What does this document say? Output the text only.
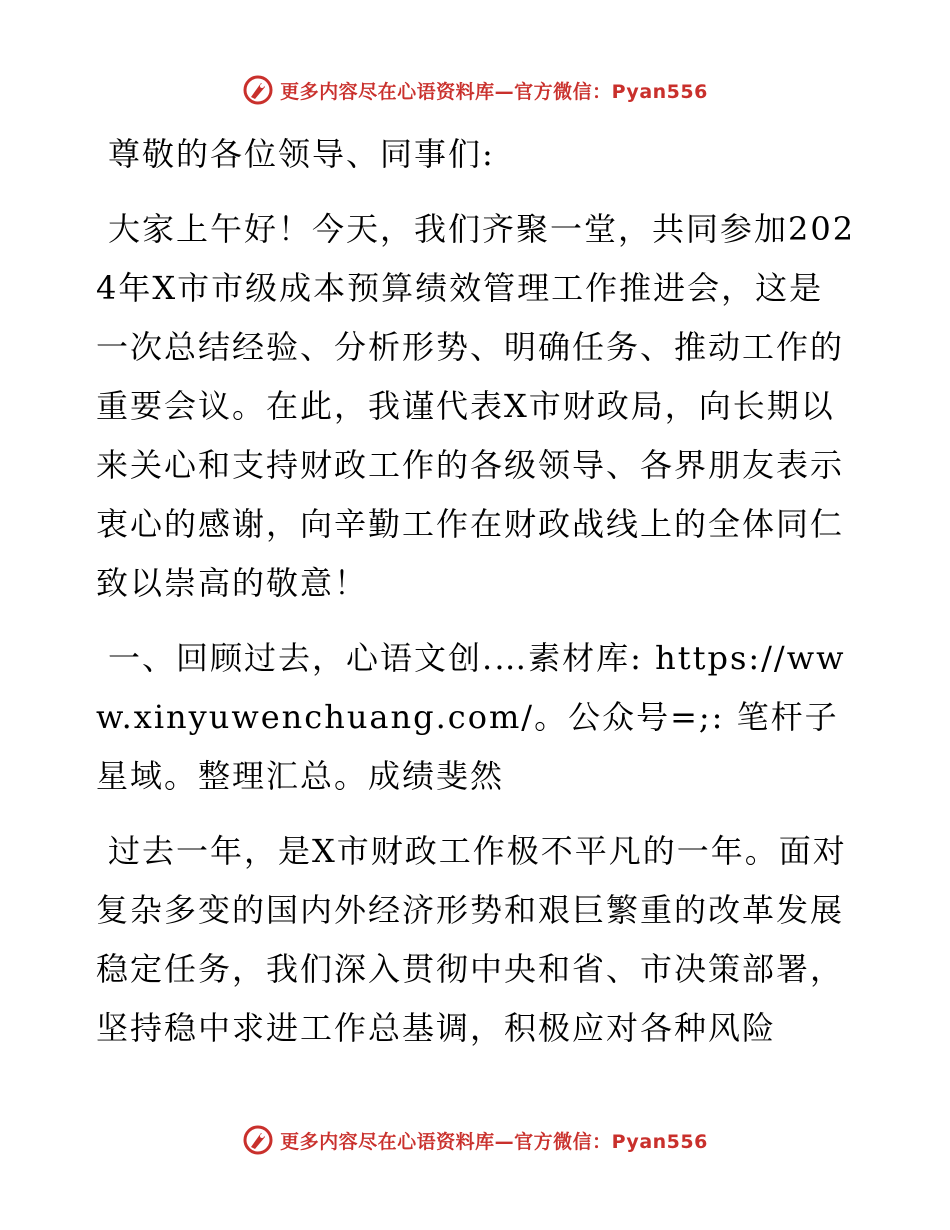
更多内容尽在心语资料库—官方微信：Pyan556

尊敬的各位领导、同事们:

大家上午好！今天，我们齐聚一堂，共同参加2024年X市市级成本预算绩效管理工作推进会，这是一次总结经验、分析形势、明确任务、推动工作的重要会议。在此，我谨代表X市财政局，向长期以来关心和支持财政工作的各级领导、各界朋友表示衷心的感谢，向辛勤工作在财政战线上的全体同仁致以崇高的敬意！

一、回顾过去，心语文创.…素材库: https://www.xinyuwenchuang.com/。公众号=;: 笔杆子星域。整理汇总。成绩斐然

过去一年，是X市财政工作极不平凡的一年。面对复杂多变的国内外经济形势和艰巨繁重的改革发展稳定任务，我们深入贯彻中央和省、市决策部署，坚持稳中求进工作总基调，积极应对各种风险

更多内容尽在心语资料库—官方微信：Pyan556
